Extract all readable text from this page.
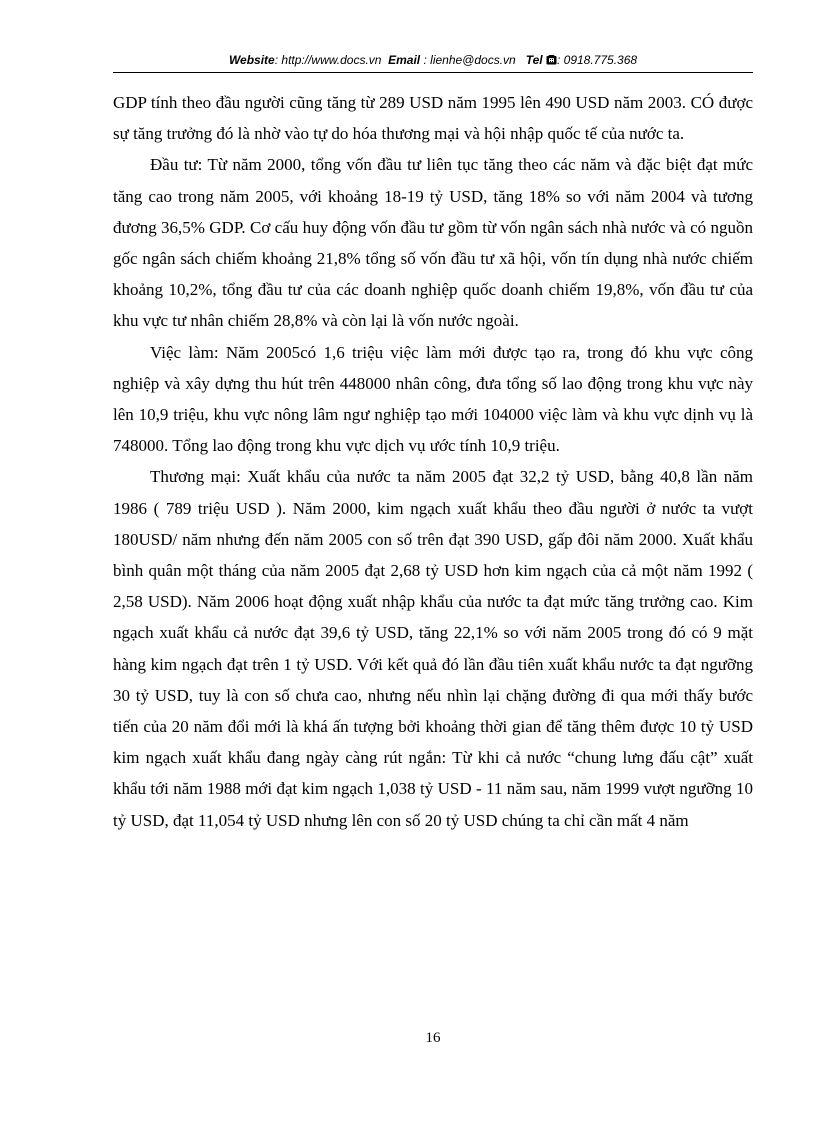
Website: http://www.docs.vn Email : lienhe@docs.vn Tel : 0918.775.368

GDP tính theo đầu người cũng tăng từ 289 USD năm 1995 lên 490 USD năm 2003. CÓ được sự tăng trưởng đó là nhờ vào tự do hóa thương mại và hội nhập quốc tế của nước ta.

Đầu tư: Từ năm 2000, tổng vốn đầu tư liên tục tăng theo các năm và đặc biệt đạt mức tăng cao trong năm 2005, với khoảng 18-19 tỷ USD, tăng 18% so với năm 2004 và tương đương 36,5% GDP. Cơ cấu huy động vốn đầu tư gồm từ vốn ngân sách nhà nước và có nguồn gốc ngân sách chiếm khoảng 21,8% tổng số vốn đầu tư xã hội, vốn tín dụng nhà nước chiếm khoảng 10,2%, tổng đầu tư của các doanh nghiệp quốc doanh chiếm 19,8%, vốn đầu tư của khu vực tư nhân chiếm 28,8% và còn lại là vốn nước ngoài.

Việc làm: Năm 2005có 1,6 triệu việc làm mới được tạo ra, trong đó khu vực công nghiệp và xây dựng thu hút trên 448000 nhân công, đưa tổng số lao động trong khu vực này lên 10,9 triệu, khu vực nông lâm ngư nghiệp tạo mới 104000 việc làm và khu vực dịnh vụ là 748000. Tổng lao động trong khu vực dịch vụ ước tính 10,9 triệu.

Thương mại: Xuất khẩu của nước ta năm 2005 đạt 32,2 tỷ USD, bằng 40,8 lần năm 1986 ( 789 triệu USD ). Năm 2000, kim ngạch xuất khẩu theo đầu người ở nước ta vượt 180USD/ năm nhưng đến năm 2005 con số trên đạt 390 USD, gấp đôi năm 2000. Xuất khẩu bình quân một tháng của năm 2005 đạt 2,68 tỷ USD hơn kim ngạch của cả một năm 1992 ( 2,58 USD). Năm 2006 hoạt động xuất nhập khẩu của nước ta đạt mức tăng trưởng cao. Kim ngạch xuất khẩu cả nước đạt 39,6 tỷ USD, tăng 22,1% so với năm 2005 trong đó có 9 mặt hàng kim ngạch đạt trên 1 tỷ USD. Với kết quả đó lần đầu tiên xuất khẩu nước ta đạt ngưỡng 30 tỷ USD, tuy là con số chưa cao, nhưng nếu nhìn lại chặng đường đi qua mới thấy bước tiến của 20 năm đổi mới là khá ấn tượng bởi khoảng thời gian để tăng thêm được 10 tỷ USD kim ngạch xuất khẩu đang ngày càng rút ngắn: Từ khi cả nước “chung lưng đấu cật” xuất khẩu tới năm 1988 mới đạt kim ngạch 1,038 tỷ USD - 11 năm sau, năm 1999 vượt ngưỡng 10 tỷ USD, đạt 11,054 tỷ USD nhưng lên con số 20 tỷ USD chúng ta chỉ cần mất 4 năm

16
